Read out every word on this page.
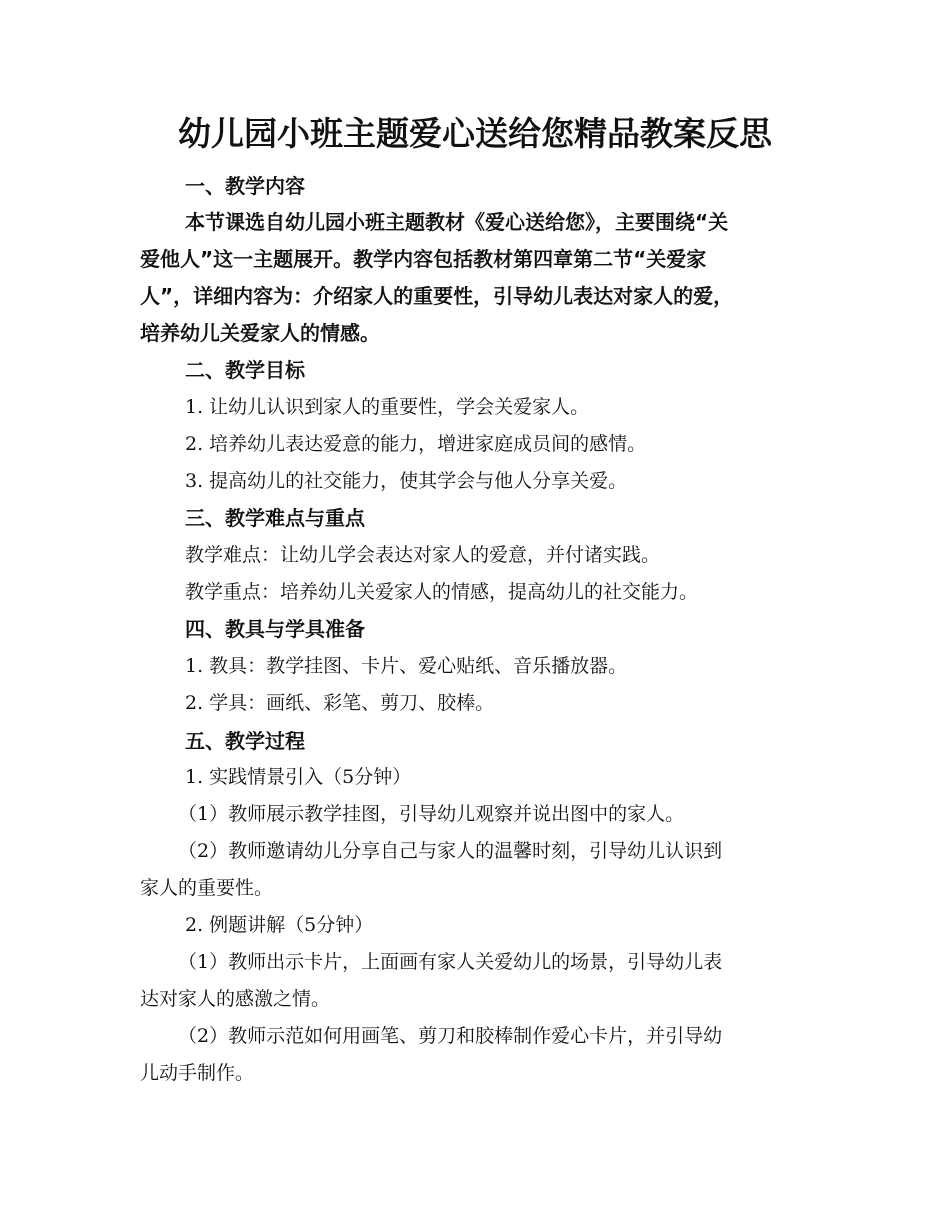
幼儿园小班主题爱心送给您精品教案反思
一、教学内容
本节课选自幼儿园小班主题教材《爱心送给您》，主要围绕“关
爱他人”这一主题展开。教学内容包括教材第四章第二节“关爱家
人”，详细内容为：介绍家人的重要性，引导幼儿表达对家人的爱，
培养幼儿关爱家人的情感。
二、教学目标
1. 让幼儿认识到家人的重要性，学会关爱家人。
2. 培养幼儿表达爱意的能力，增进家庭成员间的感情。
3. 提高幼儿的社交能力，使其学会与他人分享关爱。
三、教学难点与重点
教学难点：让幼儿学会表达对家人的爱意，并付诸实践。
教学重点：培养幼儿关爱家人的情感，提高幼儿的社交能力。
四、教具与学具准备
1. 教具：教学挂图、卡片、爱心贴纸、音乐播放器。
2. 学具：画纸、彩笔、剪刀、胶棒。
五、教学过程
1. 实践情景引入（5分钟）
（1）教师展示教学挂图，引导幼儿观察并说出图中的家人。
（2）教师邀请幼儿分享自己与家人的温馨时刻，引导幼儿认识到
家人的重要性。
2. 例题讲解（5分钟）
（1）教师出示卡片，上面画有家人关爱幼儿的场景，引导幼儿表
达对家人的感激之情。
（2）教师示范如何用画笔、剪刀和胶棒制作爱心卡片，并引导幼
儿动手制作。
